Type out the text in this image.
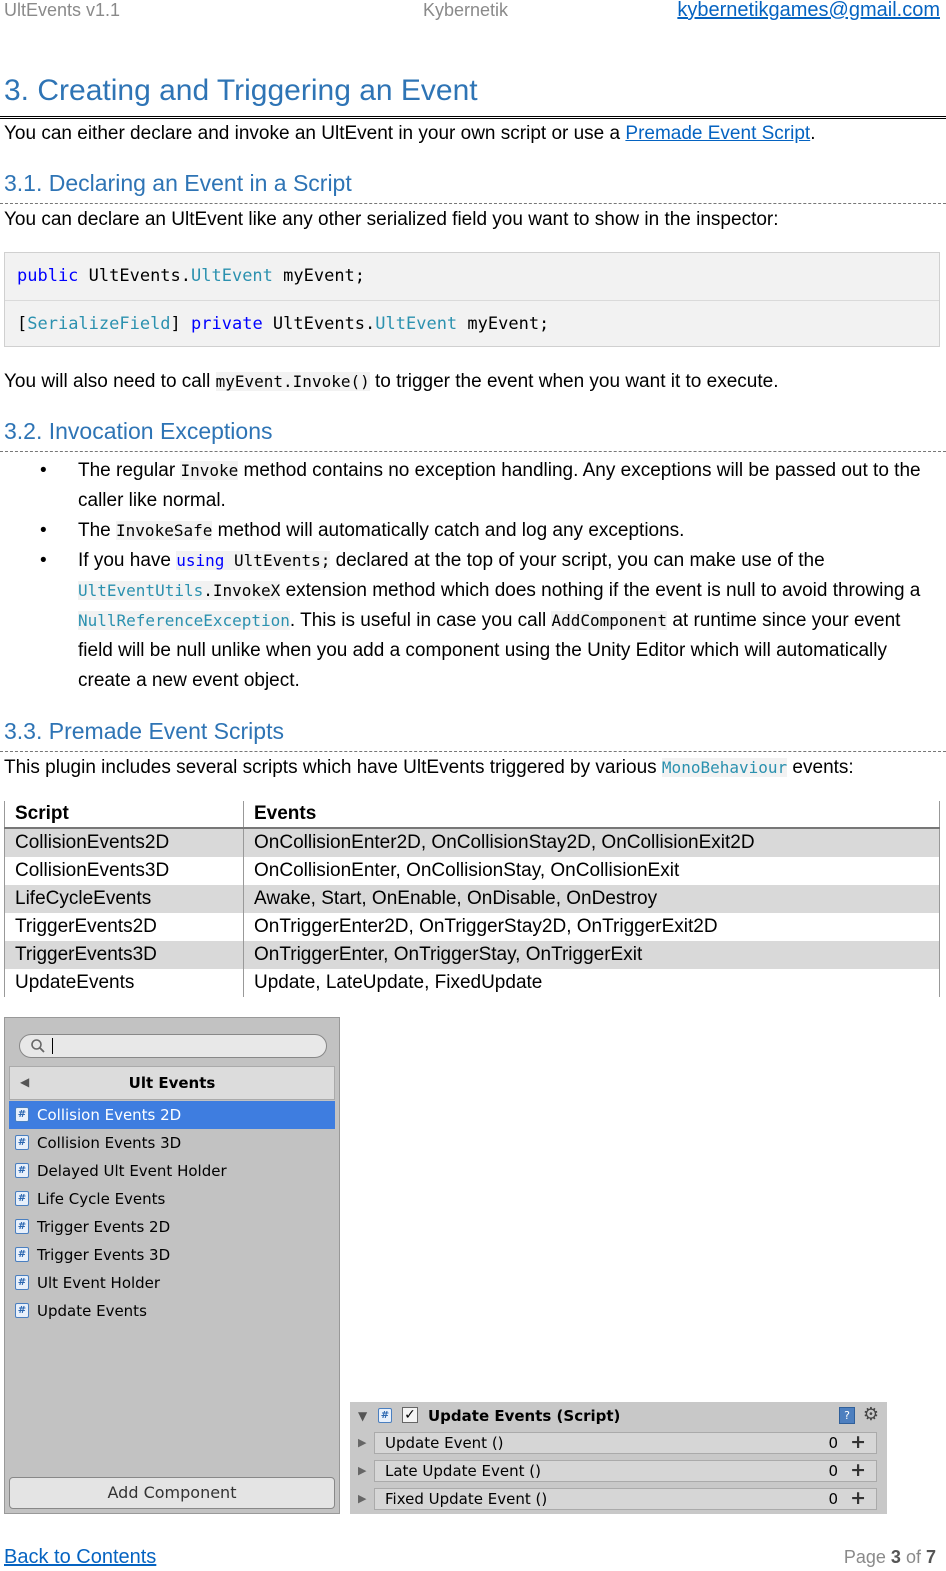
UltEvents v1.1	Kybernetik	kybernetikgames@gmail.com
3. Creating and Triggering an Event

You can either declare and invoke an UltEvent in your own script or use a Premade Event Script.

3.1. Declaring an Event in a Script

You can declare an UltEvent like any other serialized field you want to show in the inspector:

public UltEvents.UltEvent myEvent;
[SerializeField] private UltEvents.UltEvent myEvent;

You will also need to call myEvent.Invoke() to trigger the event when you want it to execute.

3.2. Invocation Exceptions
• The regular Invoke method contains no exception handling. Any exceptions will be passed out to the caller like normal.
• The InvokeSafe method will automatically catch and log any exceptions.
• If you have using UltEvents; declared at the top of your script, you can make use of the UltEventUtils.InvokeX extension method which does nothing if the event is null to avoid throwing a NullReferenceException. This is useful in case you call AddComponent at runtime since your event field will be null unlike when you add a component using the Unity Editor which will automatically create a new event object.
3.3. Premade Event Scripts

This plugin includes several scripts which have UltEvents triggered by various MonoBehaviour events:

Script	Events
CollisionEvents2D	OnCollisionEnter2D, OnCollisionStay2D, OnCollisionExit2D
CollisionEvents3D	OnCollisionEnter, OnCollisionStay, OnCollisionExit
LifeCycleEvents	Awake, Start, OnEnable, OnDisable, OnDestroy
TriggerEvents2D	OnTriggerEnter2D, OnTriggerStay2D, OnTriggerExit2D
TriggerEvents3D	OnTriggerEnter, OnTriggerStay, OnTriggerExit
UpdateEvents	Update, LateUpdate, FixedUpdate
◀	Ult Events
# Collision Events 2D
# Collision Events 3D
# Delayed Ult Event Holder
# Life Cycle Events
# Trigger Events 2D
# Trigger Events 3D
# Ult Event Holder
# Update Events
Add Component
▼ # ✓ Update Events (Script)	? ⚙
▶ Update Event ()	0 +
▶ Late Update Event ()	0 +
▶ Fixed Update Event ()	0 +
Back to Contents	Page 3 of 7
